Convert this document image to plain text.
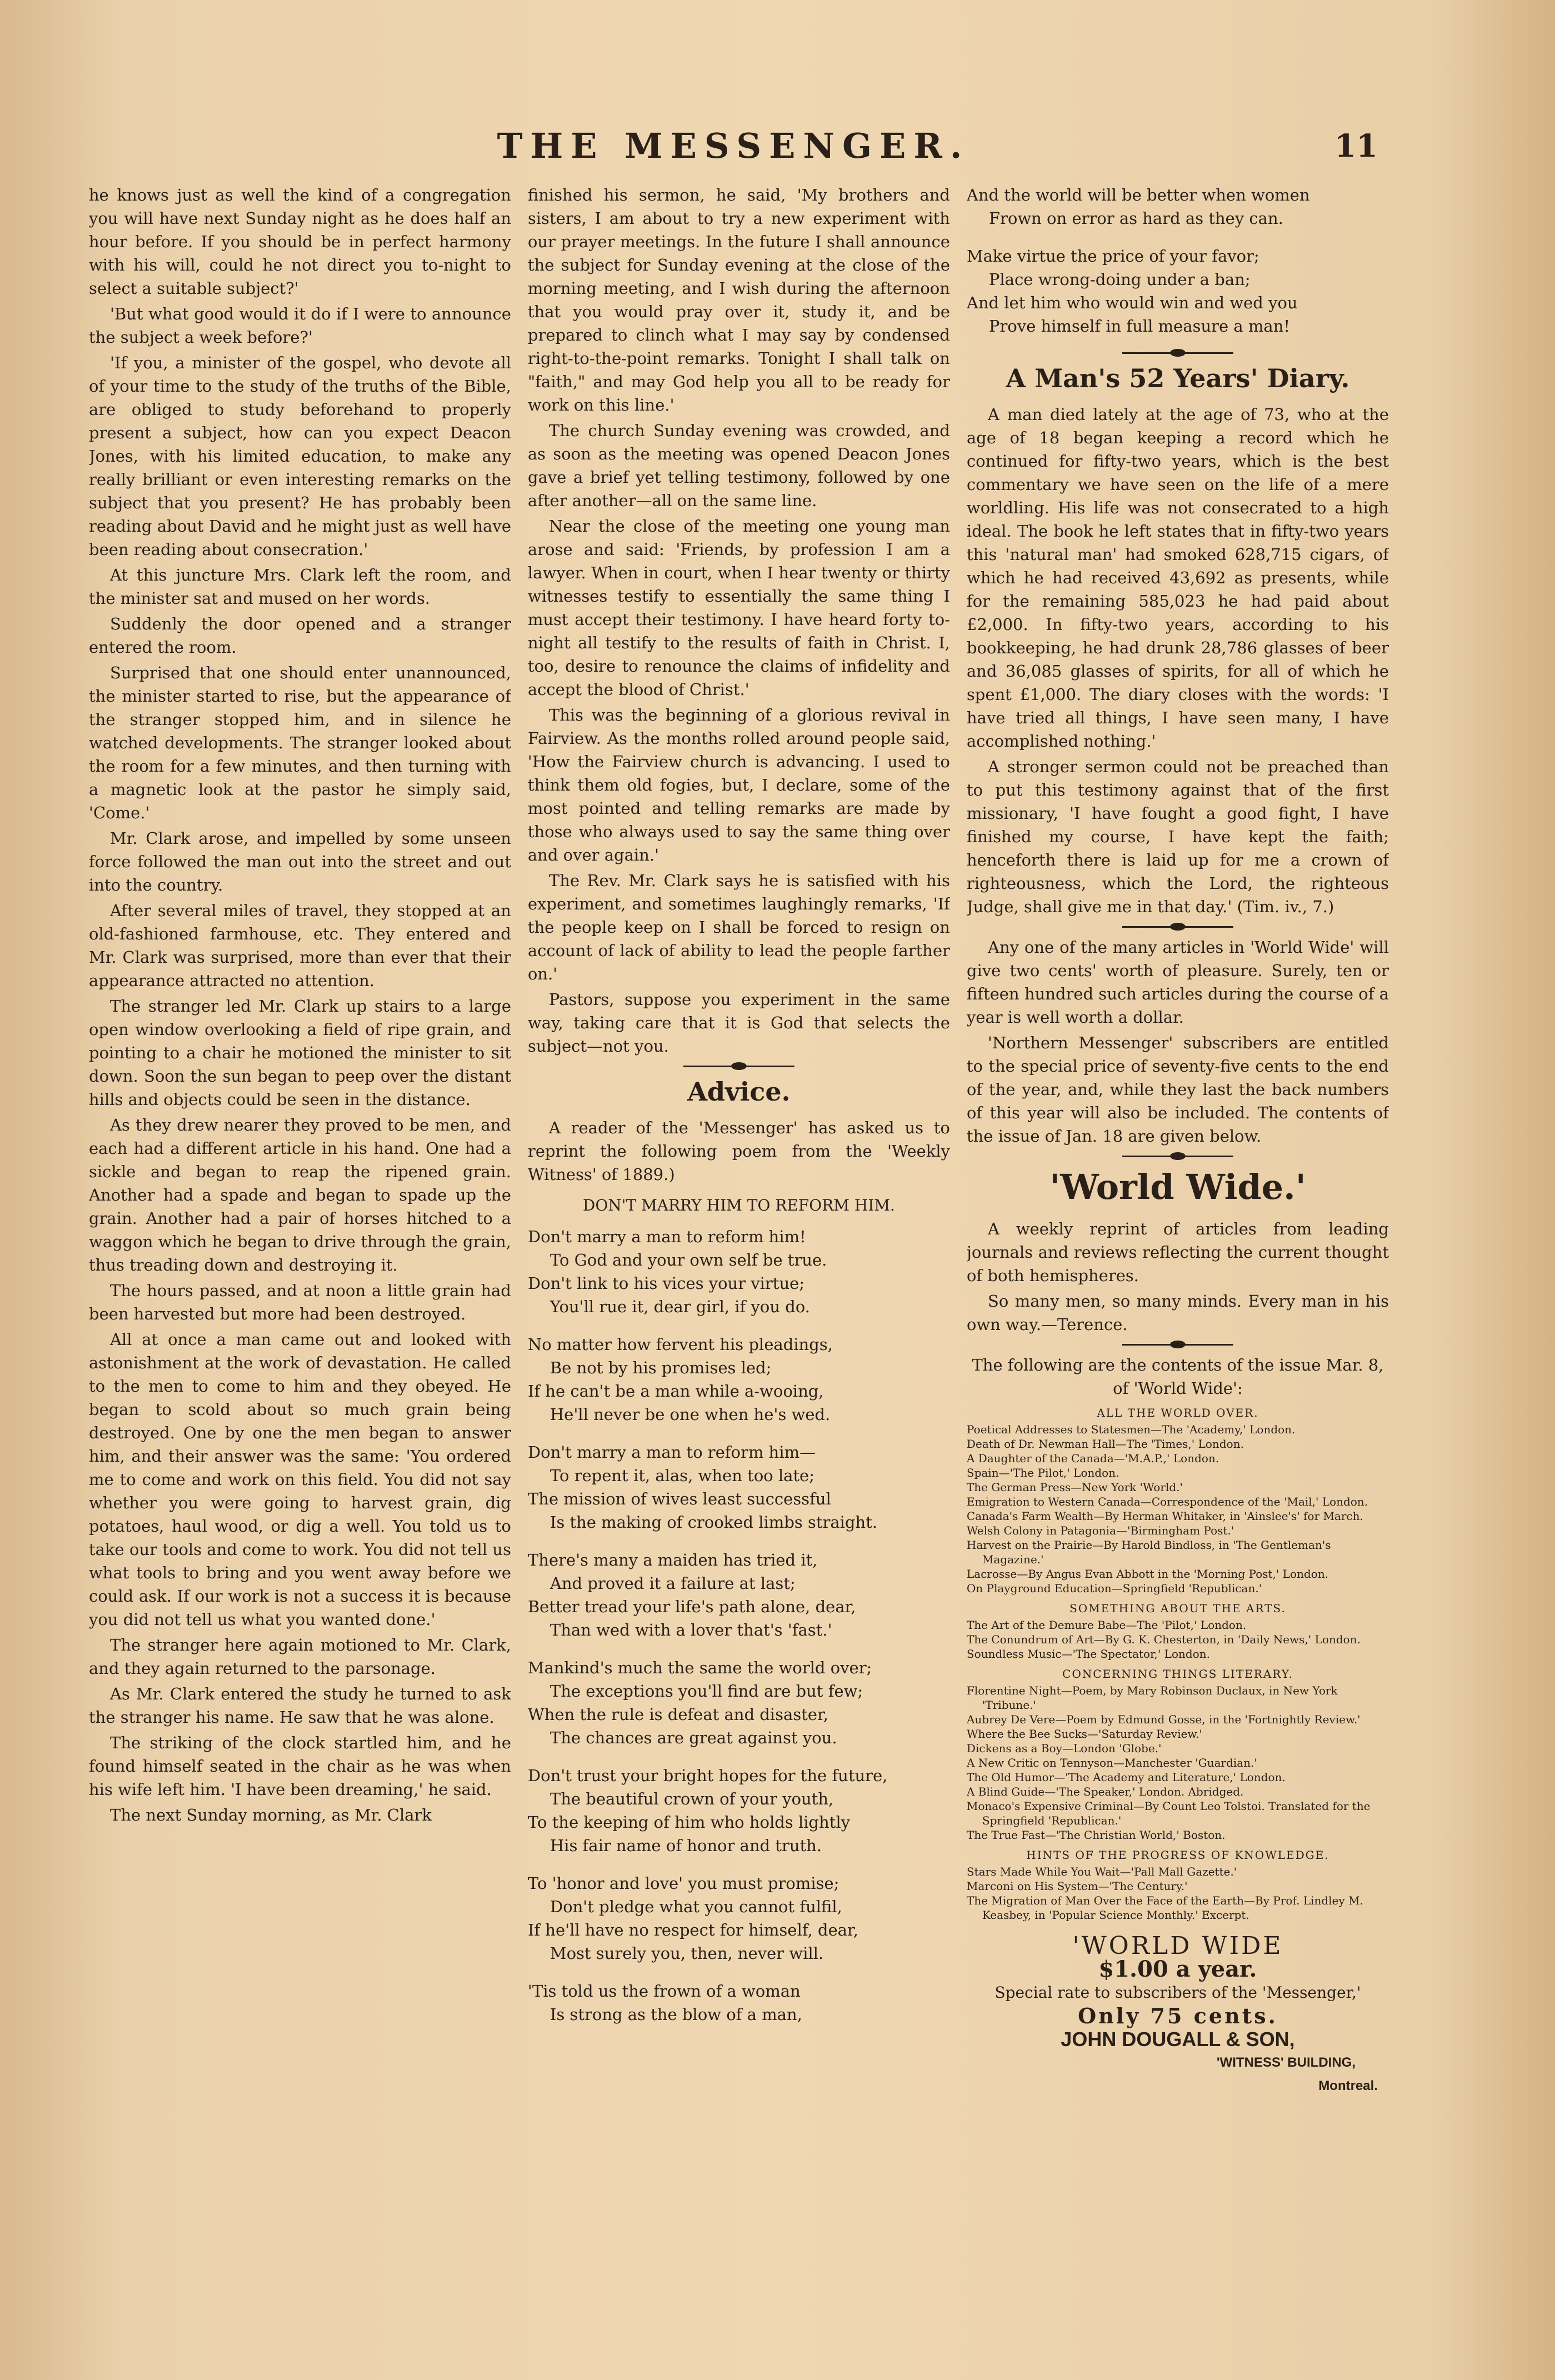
THE MESSENGER.	11

he knows just as well the kind of a congregation you will have next Sunday night as he does half an hour before. If you should be in perfect harmony with his will, could he not direct you to-night to select a suitable subject?'

'But what good would it do if I were to announce the subject a week before?'

'If you, a minister of the gospel, who devote all of your time to the study of the truths of the Bible, are obliged to study beforehand to properly present a subject, how can you expect Deacon Jones, with his limited education, to make any really brilliant or even interesting remarks on the subject that you present? He has probably been reading about David and he might just as well have been reading about consecration.'

At this juncture Mrs. Clark left the room, and the minister sat and mused on her words.

Suddenly the door opened and a stranger entered the room.

Surprised that one should enter unannounced, the minister started to rise, but the appearance of the stranger stopped him, and in silence he watched developments. The stranger looked about the room for a few minutes, and then turning with a magnetic look at the pastor he simply said, 'Come.'

Mr. Clark arose, and impelled by some unseen force followed the man out into the street and out into the country.

After several miles of travel, they stopped at an old-fashioned farmhouse, etc. They entered and Mr. Clark was surprised, more than ever that their appearance attracted no attention.

The stranger led Mr. Clark up stairs to a large open window overlooking a field of ripe grain, and pointing to a chair he motioned the minister to sit down. Soon the sun began to peep over the distant hills and objects could be seen in the distance.

As they drew nearer they proved to be men, and each had a different article in his hand. One had a sickle and began to reap the ripened grain. Another had a spade and began to spade up the grain. Another had a pair of horses hitched to a waggon which he began to drive through the grain, thus treading down and destroying it.

The hours passed, and at noon a little grain had been harvested but more had been destroyed.

All at once a man came out and looked with astonishment at the work of devastation. He called to the men to come to him and they obeyed. He began to scold about so much grain being destroyed. One by one the men began to answer him, and their answer was the same: 'You ordered me to come and work on this field. You did not say whether you were going to harvest grain, dig potatoes, haul wood, or dig a well. You told us to take our tools and come to work. You did not tell us what tools to bring and you went away before we could ask. If our work is not a success it is because you did not tell us what you wanted done.'

The stranger here again motioned to Mr. Clark, and they again returned to the parsonage.

As Mr. Clark entered the study he turned to ask the stranger his name. He saw that he was alone.

The striking of the clock startled him, and he found himself seated in the chair as he was when his wife left him. 'I have been dreaming,' he said.

The next Sunday morning, as Mr. Clark

finished his sermon, he said, 'My brothers and sisters, I am about to try a new experiment with our prayer meetings. In the future I shall announce the subject for Sunday evening at the close of the morning meeting, and I wish during the afternoon that you would pray over it, study it, and be prepared to clinch what I may say by condensed right-to-the-point remarks. Tonight I shall talk on "faith," and may God help you all to be ready for work on this line.'

The church Sunday evening was crowded, and as soon as the meeting was opened Deacon Jones gave a brief yet telling testimony, followed by one after another—all on the same line.

Near the close of the meeting one young man arose and said: 'Friends, by profession I am a lawyer. When in court, when I hear twenty or thirty witnesses testify to essentially the same thing I must accept their testimony. I have heard forty to-night all testify to the results of faith in Christ. I, too, desire to renounce the claims of infidelity and accept the blood of Christ.'

This was the beginning of a glorious revival in Fairview. As the months rolled around people said, 'How the Fairview church is advancing. I used to think them old fogies, but, I declare, some of the most pointed and telling remarks are made by those who always used to say the same thing over and over again.'

The Rev. Mr. Clark says he is satisfied with his experiment, and sometimes laughingly remarks, 'If the people keep on I shall be forced to resign on account of lack of ability to lead the people farther on.'

Pastors, suppose you experiment in the same way, taking care that it is God that selects the subject—not you.

Advice.

A reader of the 'Messenger' has asked us to reprint the following poem from the 'Weekly Witness' of 1889.)

DON'T MARRY HIM TO REFORM HIM.
Don't marry a man to reform him!
To God and your own self be true.
Don't link to his vices your virtue;
You'll rue it, dear girl, if you do.
No matter how fervent his pleadings,
Be not by his promises led;
If he can't be a man while a-wooing,
He'll never be one when he's wed.
Don't marry a man to reform him—
To repent it, alas, when too late;
The mission of wives least successful
Is the making of crooked limbs straight.
There's many a maiden has tried it,
And proved it a failure at last;
Better tread your life's path alone, dear,
Than wed with a lover that's 'fast.'
Mankind's much the same the world over;
The exceptions you'll find are but few;
When the rule is defeat and disaster,
The chances are great against you.
Don't trust your bright hopes for the future,
The beautiful crown of your youth,
To the keeping of him who holds lightly
His fair name of honor and truth.
To 'honor and love' you must promise;
Don't pledge what you cannot fulfil,
If he'll have no respect for himself, dear,
Most surely you, then, never will.
'Tis told us the frown of a woman
Is strong as the blow of a man,
And the world will be better when women
Frown on error as hard as they can.
Make virtue the price of your favor;
Place wrong-doing under a ban;
And let him who would win and wed you
Prove himself in full measure a man!
A Man's 52 Years' Diary.

A man died lately at the age of 73, who at the age of 18 began keeping a record which he continued for fifty-two years, which is the best commentary we have seen on the life of a mere worldling. His life was not consecrated to a high ideal. The book he left states that in fifty-two years this 'natural man' had smoked 628,715 cigars, of which he had received 43,692 as presents, while for the remaining 585,023 he had paid about £2,000. In fifty-two years, according to his bookkeeping, he had drunk 28,786 glasses of beer and 36,085 glasses of spirits, for all of which he spent £1,000. The diary closes with the words: 'I have tried all things, I have seen many, I have accomplished nothing.'

A stronger sermon could not be preached than to put this testimony against that of the first missionary, 'I have fought a good fight, I have finished my course, I have kept the faith; henceforth there is laid up for me a crown of righteousness, which the Lord, the righteous Judge, shall give me in that day.' (Tim. iv., 7.)

Any one of the many articles in 'World Wide' will give two cents' worth of pleasure. Surely, ten or fifteen hundred such articles during the course of a year is well worth a dollar.

'Northern Messenger' subscribers are entitled to the special price of seventy-five cents to the end of the year, and, while they last the back numbers of this year will also be included. The contents of the issue of Jan. 18 are given below.

'World Wide.'

A weekly reprint of articles from leading journals and reviews reflecting the current thought of both hemispheres.

So many men, so many minds. Every man in his own way.—Terence.

The following are the contents of the issue Mar. 8, of 'World Wide':

ALL THE WORLD OVER.
Poetical Addresses to Statesmen—The 'Academy,' London.
Death of Dr. Newman Hall—The 'Times,' London.
A Daughter of the Canada—'M.A.P.,' London.
Spain—'The Pilot,' London.
The German Press—New York 'World.'
Emigration to Western Canada—Correspondence of the 'Mail,' London.
Canada's Farm Wealth—By Herman Whitaker, in 'Ainslee's' for March.
Welsh Colony in Patagonia—'Birmingham Post.'
Harvest on the Prairie—By Harold Bindloss, in 'The Gentleman's Magazine.'
Lacrosse—By Angus Evan Abbott in the 'Morning Post,' London.
On Playground Education—Springfield 'Republican.'
SOMETHING ABOUT THE ARTS.
The Art of the Demure Babe—The 'Pilot,' London.
The Conundrum of Art—By G. K. Chesterton, in 'Daily News,' London.
Soundless Music—'The Spectator,' London.
CONCERNING THINGS LITERARY.
Florentine Night—Poem, by Mary Robinson Duclaux, in New York 'Tribune.'
Aubrey De Vere—Poem by Edmund Gosse, in the 'Fortnightly Review.'
Where the Bee Sucks—'Saturday Review.'
Dickens as a Boy—London 'Globe.'
A New Critic on Tennyson—Manchester 'Guardian.'
The Old Humor—'The Academy and Literature,' London.
A Blind Guide—'The Speaker,' London. Abridged.
Monaco's Expensive Criminal—By Count Leo Tolstoi. Translated for the Springfield 'Republican.'
The True Fast—'The Christian World,' Boston.
HINTS OF THE PROGRESS OF KNOWLEDGE.
Stars Made While You Wait—'Pall Mall Gazette.'
Marconi on His System—'The Century.'
The Migration of Man Over the Face of the Earth—By Prof. Lindley M. Keasbey, in 'Popular Science Monthly.' Excerpt.
'WORLD WIDE
$1.00 a year.
Special rate to subscribers of the 'Messenger,'
Only 75 cents.
JOHN DOUGALL & SON,
'WITNESS' BUILDING,
Montreal.
